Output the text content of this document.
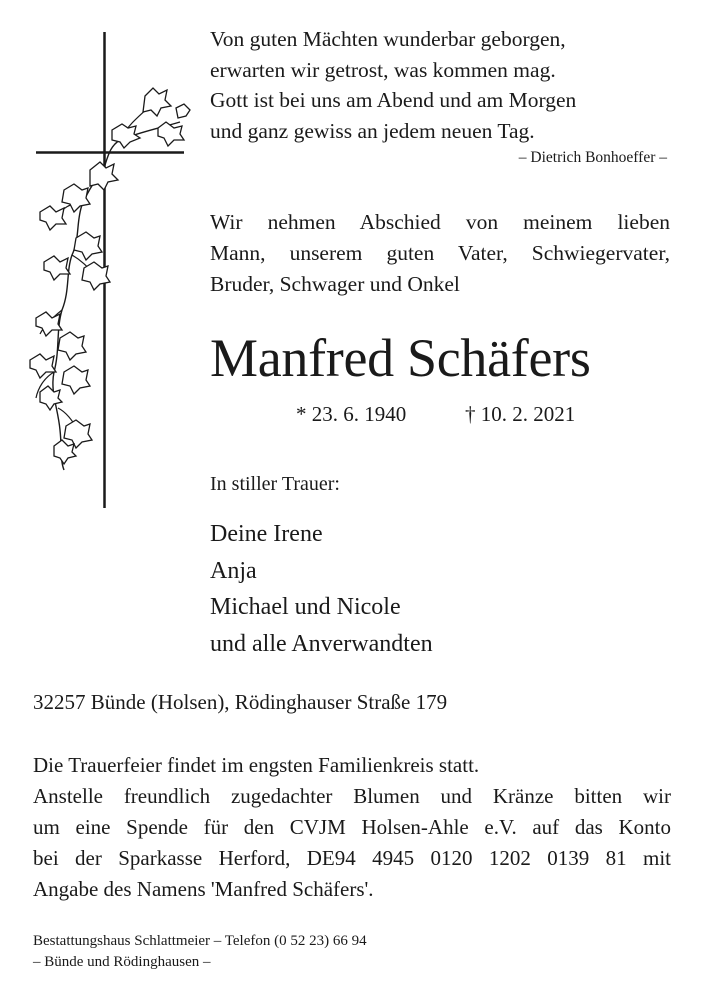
Von guten Mächten wunderbar geborgen,
erwarten wir getrost, was kommen mag.
Gott ist bei uns am Abend und am Morgen
und ganz gewiss an jedem neuen Tag.
– Dietrich Bonhoeffer –
Wir nehmen Abschied von meinem lieben
Mann, unserem guten Vater, Schwiegervater,
Bruder, Schwager und Onkel
Manfred Schäfers
* 23. 6. 1940	† 10. 2. 2021
In stiller Trauer:
Deine Irene
Anja
Michael und Nicole
und alle Anverwandten
32257 Bünde (Holsen), Rödinghauser Straße 179
Die Trauerfeier findet im engsten Familienkreis statt.
Anstelle freundlich zugedachter Blumen und Kränze bitten wir
um eine Spende für den CVJM Holsen-Ahle e.V. auf das Konto
bei der Sparkasse Herford, DE94 4945 0120 1202 0139 81 mit
Angabe des Namens 'Manfred Schäfers'.
Bestattungshaus Schlattmeier – Telefon (0 52 23) 66 94
– Bünde und Rödinghausen –
